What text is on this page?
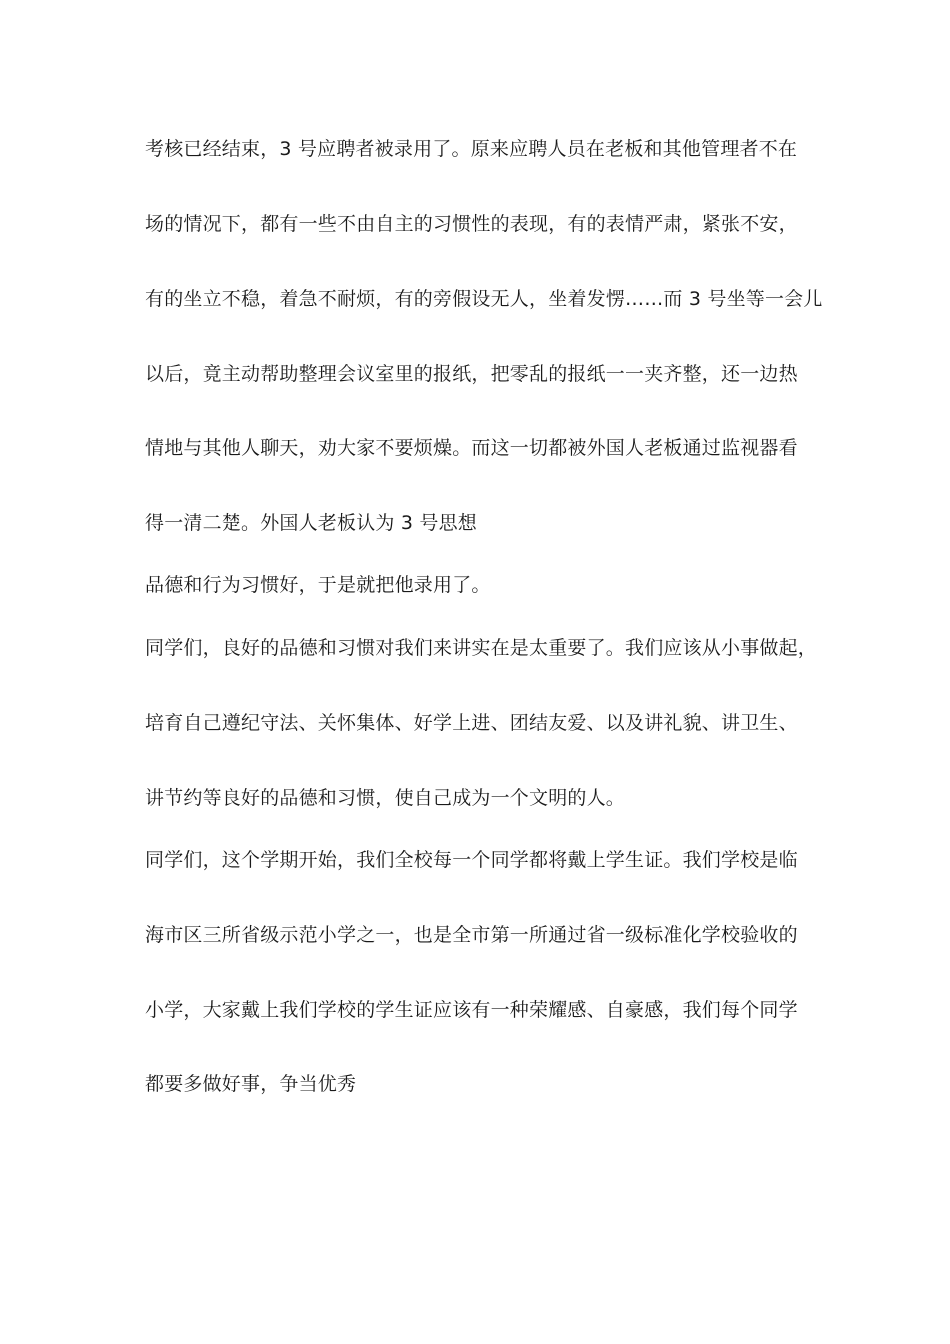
考核已经结束，3 号应聘者被录用了。原来应聘人员在老板和其他管理者不在
场的情况下，都有一些不由自主的习惯性的表现，有的表情严肃，紧张不安，
有的坐立不稳，着急不耐烦，有的旁假设无人，坐着发愣……而 3 号坐等一会儿
以后，竟主动帮助整理会议室里的报纸，把零乱的报纸一一夹齐整，还一边热
情地与其他人聊天，劝大家不要烦燥。而这一切都被外国人老板通过监视器看
得一清二楚。外国人老板认为 3 号思想
品德和行为习惯好，于是就把他录用了。
同学们，良好的品德和习惯对我们来讲实在是太重要了。我们应该从小事做起，
培育自己遵纪守法、关怀集体、好学上进、团结友爱、以及讲礼貌、讲卫生、
讲节约等良好的品德和习惯，使自己成为一个文明的人。
同学们，这个学期开始，我们全校每一个同学都将戴上学生证。我们学校是临
海市区三所省级示范小学之一，也是全市第一所通过省一级标准化学校验收的
小学，大家戴上我们学校的学生证应该有一种荣耀感、自豪感，我们每个同学
都要多做好事，争当优秀
